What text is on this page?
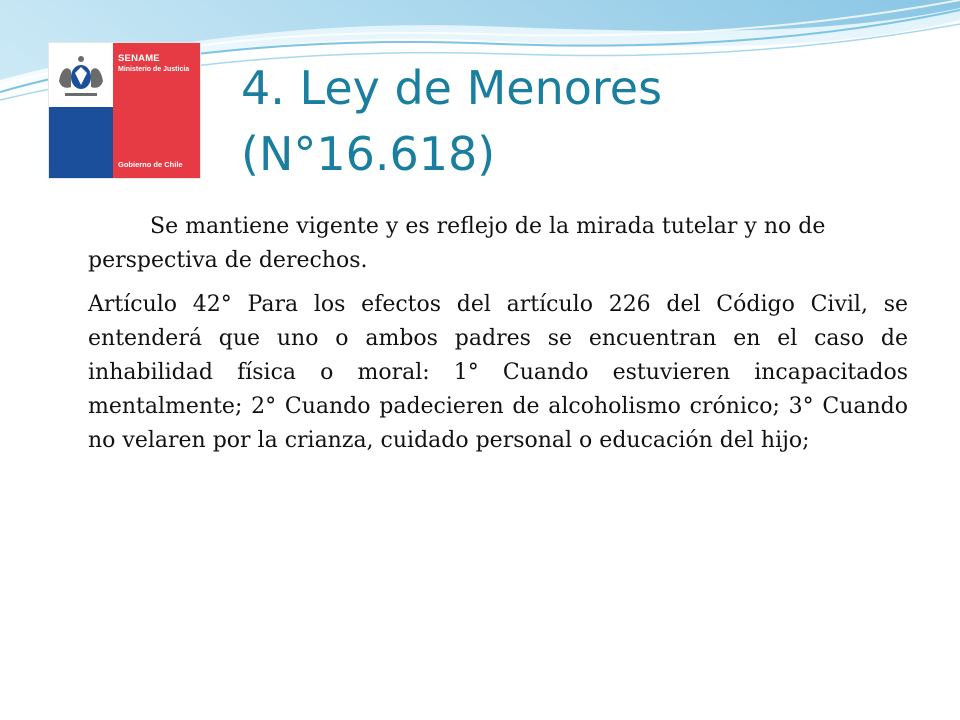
SENAME
Ministerio de Justicia
Gobierno de Chile
4. Ley de Menores
(N°16.618)

Se mantiene vigente y es reflejo de la mirada tutelar y no de perspectiva de derechos.

Artículo 42° Para los efectos del artículo 226 del Código Civil, se entenderá que uno o ambos padres se encuentran en el caso de inhabilidad física o moral: 1° Cuando estuvieren incapacitados mentalmente; 2° Cuando padecieren de alcoholismo crónico; 3° Cuando no velaren por la crianza, cuidado personal o educación del hijo;
